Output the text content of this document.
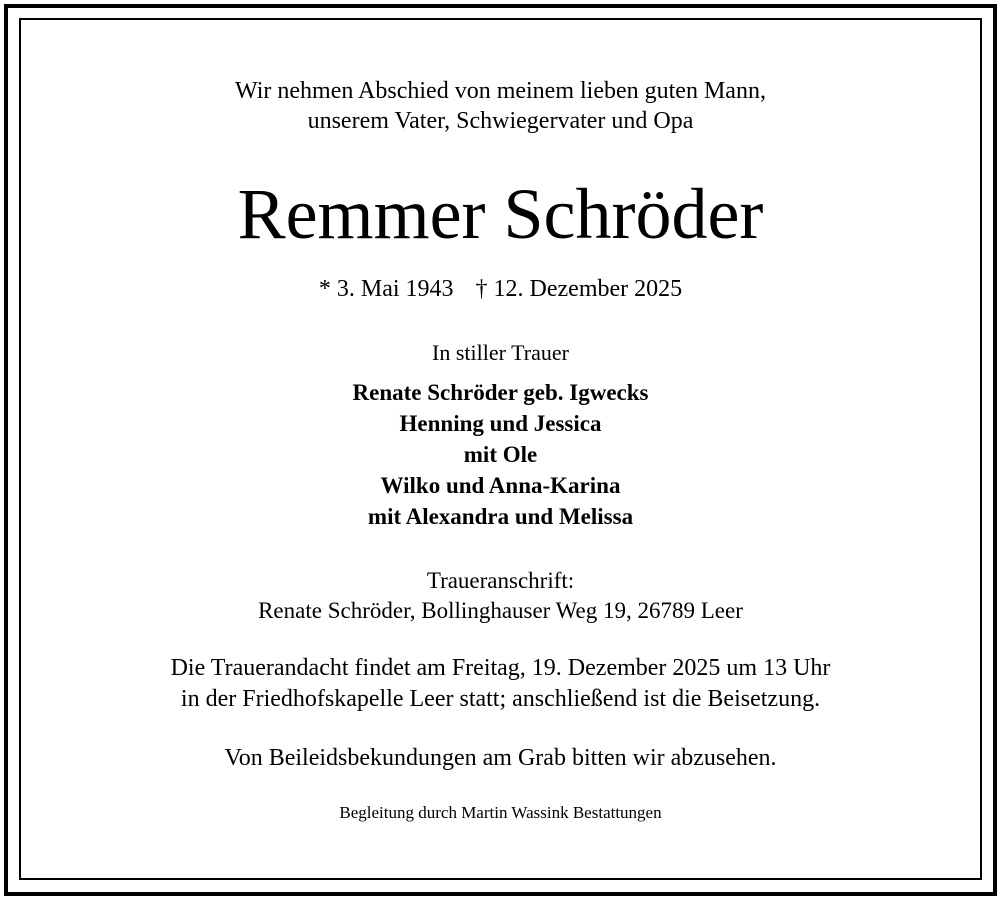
Wir nehmen Abschied von meinem lieben guten Mann,
unserem Vater, Schwiegervater und Opa
Remmer Schröder
* 3. Mai 1943 † 12. Dezember 2025
In stiller Trauer
Renate Schröder geb. Igwecks
Henning und Jessica
mit Ole
Wilko und Anna-Karina
mit Alexandra und Melissa
Traueranschrift:
Renate Schröder, Bollinghauser Weg 19, 26789 Leer
Die Trauerandacht findet am Freitag, 19. Dezember 2025 um 13 Uhr
in der Friedhofskapelle Leer statt; anschließend ist die Beisetzung.
Von Beileidsbekundungen am Grab bitten wir abzusehen.
Begleitung durch Martin Wassink Bestattungen
